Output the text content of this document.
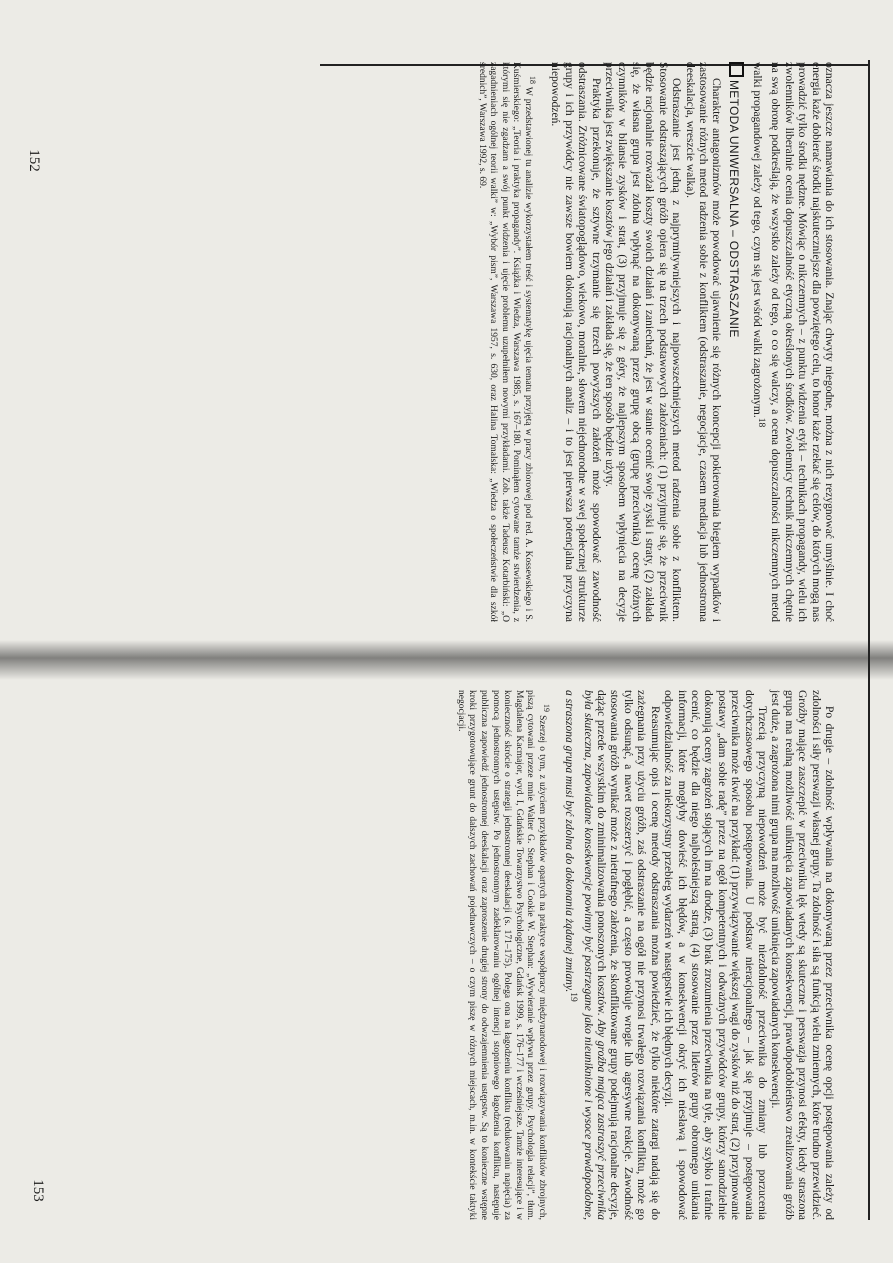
oznacza jeszcze namawiania do ich stosowania. Znając chwyty niegodne, można z nich rezygnować umyślnie. I choć energia każe dobierać środki najskuteczniejsze dla powziętego celu, to honor każe rzekać się celów, do których mogą nas prowadzić tylko środki nędzne. Mówiąc o nikczemnych – z punktu widzenia etyki – technikach propagandy, wielu ich zwolenników liberalnie ocenia dopuszczalność etyczną określonych środków. Zwolennicy technik nikczemnych chętnie na swą obronę podkreślają, że wszystko zależy od tego, o co się walczy, a ocena dopuszczalności nikczemnych metod walki propagandowej zależy od tego, czym się jest wśród walki zagrożonym.$^{18}$

METODA UNIWERSALNA – ODSTRASZANIE

Charakter antagonizmów może powodować ujawnienie się różnych koncepcji pokierowania biegiem wypadków i zastosowanie różnych metod radzenia sobie z konfliktem (odstraszanie, negocjacje, czasem mediacja lub jednostronna deeskalacja, wreszcie walka).

Odstraszanie jest jedną z najprymitywniejszych i najpowszechniejszych metod radzenia sobie z konfliktem. Stosowanie odstraszających gróźb opiera się na trzech podstawowych założeniach: (1) przyjmuje się, że przeciwnik będzie racjonalnie rozważał koszty swoich działań i zaniechań, że jest w stanie ocenić swoje zyski i straty, (2) zakłada się, że własna grupa jest zdolna wpłynąć na dokonywaną przez grupę obcą (grupę przeciwnika) ocenę różnych czynników w bilansie zysków i strat, (3) przyjmuje się z góry, że najlepszym sposobem wpłynięcia na decyzje przeciwnika jest zwiększanie kosztów jego działań i zakłada się, że ten sposób będzie użyty.

Praktyka przekonuje, że sztywne trzymanie się trzech powyższych założeń może spowodować zawodność odstraszania. Zróżnicowane światopoglądowo, wiekowo, moralnie, słowem niejednorodne w swej społecznej strukturze grupy i ich przywódcy nie zawsze bowiem dokonują racjonalnych analiz – i to jest pierwsza potencjalna przyczyna niepowodzeń.

$^{18}$ W przedstawionej tu analizie wykorzystałem treść i systematykę ujęcia tematu przyjętą w pracy zbiorowej pod red. A. Kossewskiego i S. Kuśmierskiego: „Teoria i praktyka propagandy”. Książka i Wiedza, Warszawa 1985, s. 167–180. Pominąłem cytowane tamże stwierdzenia, z którymi się nie zgadzam a swój punkt widzenia i ujęcie problemu uzupełniłem nowymi przykładami. Zob. także Tadeusz Kotarbiński: „O zagadnieniach ogólnej teorii walki” w: „Wybór pism”, Warszawa 1957, s. 630, oraz Halina Tomalska: „Wiedza o społeczeństwie dla szkół średnich”, Warszawa 1992, s. 69.

152

Po drugie – zdolność wpływania na dokonywaną przez przeciwnika ocenę opcji postępowania zależy od zdolności i siły perswazji własnej grupy. Ta zdolność i siła są funkcją wielu zmiennych, które trudno przewidzieć. Groźby mające zaszczepić w przeciwniku lęk wtedy są skuteczne i perswazja przynosi efekty, kiedy straszona grupa ma realną możliwość uniknięcia zapowiadanych konsekwencji, prawdopodobieństwo zrealizowania gróźb jest duże, a zagrożona nimi grupa ma możliwość uniknięcia zapowiadanych konsekwencji.

Trzecią przyczyną niepowodzeń może być niezdolność przeciwnika do zmiany lub porzucenia dotychczasowego sposobu postępowania. U podstaw nieracjonalnego – jak się przyjmuje – postępowania przeciwnika może tkwić na przykład: (1) przywiązywanie większej wagi do zysków niż do strat, (2) przyjmowanie postawy „dam sobie radę” przez na ogół kompetentnych i odważnych przywódców grupy, którzy samodzielnie dokonują oceny zagrożeń stojących im na drodze, (3) brak zrozumienia przeciwnika na tyle, aby szybko i trafnie ocenić, co będzie dla niego najboleśniejszą stratą, (4) stosowanie przez liderów grupy obronnego unikania informacji, które mogłyby dowieść ich błędów, a w konsekwencji okryć ich niesławą i spowodować odpowiedzialność za niekorzystny przebieg wydarzeń w następstwie ich błędnych decyzji.

Reasumując opis i ocenę metody odstraszania można powiedzieć, że tylko niektóre zatargi nadają się do zażegnania przy użyciu gróźb, zaś odstraszanie na ogół nie przynosi trwałego rozwiązania konfliktu, może go tylko odsunąć, a nawet rozszerzyć i pogłębić, a często prowokuje wrogie lub agresywne reakcje. Zawodność stosowania gróźb wynikać może z nietrafnego założenia, że skonfliktowane grupy podejmują racjonalne decyzje, dążąc przede wszystkim do zminimalizowania ponoszonych kosztów. Aby groźba mająca zastraszyć przeciwnika była skuteczna, zapowiadane konsekwencje powinny być postrzegane jako nieuniknione i wysoce prawdopodobne, a straszona grupa musi być zdolna do dokonania żądanej zmiany.$^{19}$

$^{19}$ Szerzej o tym, z użyciem przykładów opartych na praktyce współpracy międzynarodowej i rozwiązywania konfliktów zbrojnych, piszą cytowani przeze mnie Walter G. Stephan i Cookie W. Stephan: „Wywieranie wpływu przez grupy. Psychologia relacji”, tłum. Magdalena Kacmajor, wyd. I, Gdańskie Towarzystwo Psychologiczne, Gdańsk 1999, s. 176–177 i wcześniejsze. Tamże interesujące i w konieczność skrócie o strategii jednostronnej deeskalacji (s. 171–175). Polega ona na łagodzeniu konfliktu (redukowaniu napięcia) za pomocą jednostronnych ustępstw. Po jednostronnym zadeklarowaniu ogólnej intencji stopniowego łagodzenia konfliktu, następuje publiczna zapowiedź jednostronnej deeskalacji oraz zaproszenie drugiej strony do odwzajemnienia ustępstw. Są to konieczne wstępne kroki przygotowujące grunt do dalszych zachowań pojednawczych – o czym piszę w różnych miejscach, m.in. w kontekście taktyki negocjacji.

153
